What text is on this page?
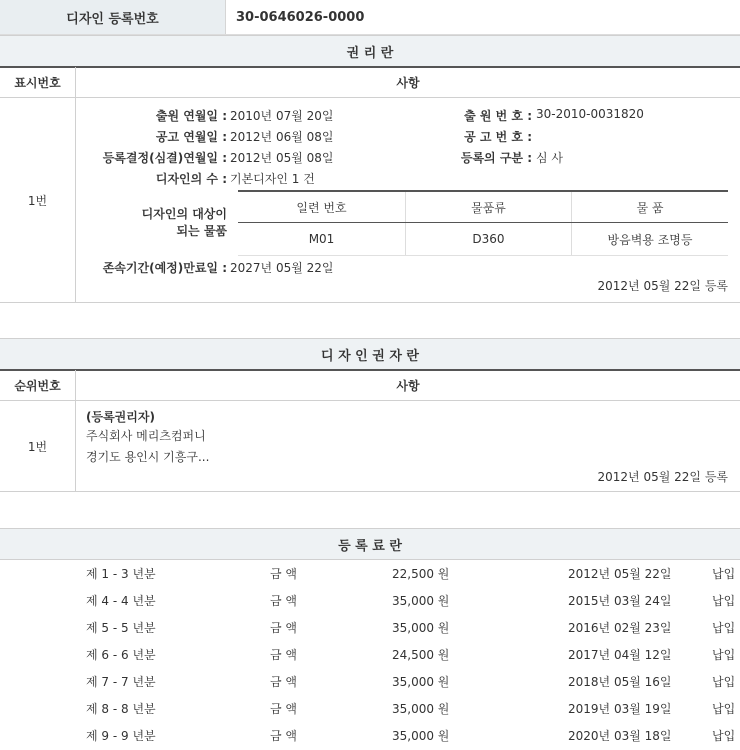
디자인 등록번호	30-0646026-0000
권 리 란
표시번호	사항
1번
출원 연월일 : 2010년 07월 20일	출 원 번 호 : 30-2010-0031820
공고 연월일 : 2012년 06월 08일	공 고 번 호 :
등록결정(심결)연월일 : 2012년 05월 08일	등록의 구분 : 심 사
디자인의 수 : 기본디자인 1 건
디자인의 대상이
되는 물품
일련 번호	물품류	물 품
M01	D360	방음벽용 조명등
존속기간(예정)만료일 : 2027년 05월 22일
2012년 05월 22일 등록
디 자 인 권 자 란
순위번호	사항
1번
(등록권리자)
주식회사 메리츠컴퍼니
경기도 용인시 기흥구...
2012년 05월 22일 등록
등 록 료 란
제 1 - 3 년분	금 액	22,500 원	2012년 05월 22일	납입
제 4 - 4 년분	금 액	35,000 원	2015년 03월 24일	납입
제 5 - 5 년분	금 액	35,000 원	2016년 02월 23일	납입
제 6 - 6 년분	금 액	24,500 원	2017년 04월 12일	납입
제 7 - 7 년분	금 액	35,000 원	2018년 05월 16일	납입
제 8 - 8 년분	금 액	35,000 원	2019년 03월 19일	납입
제 9 - 9 년분	금 액	35,000 원	2020년 03월 18일	납입
